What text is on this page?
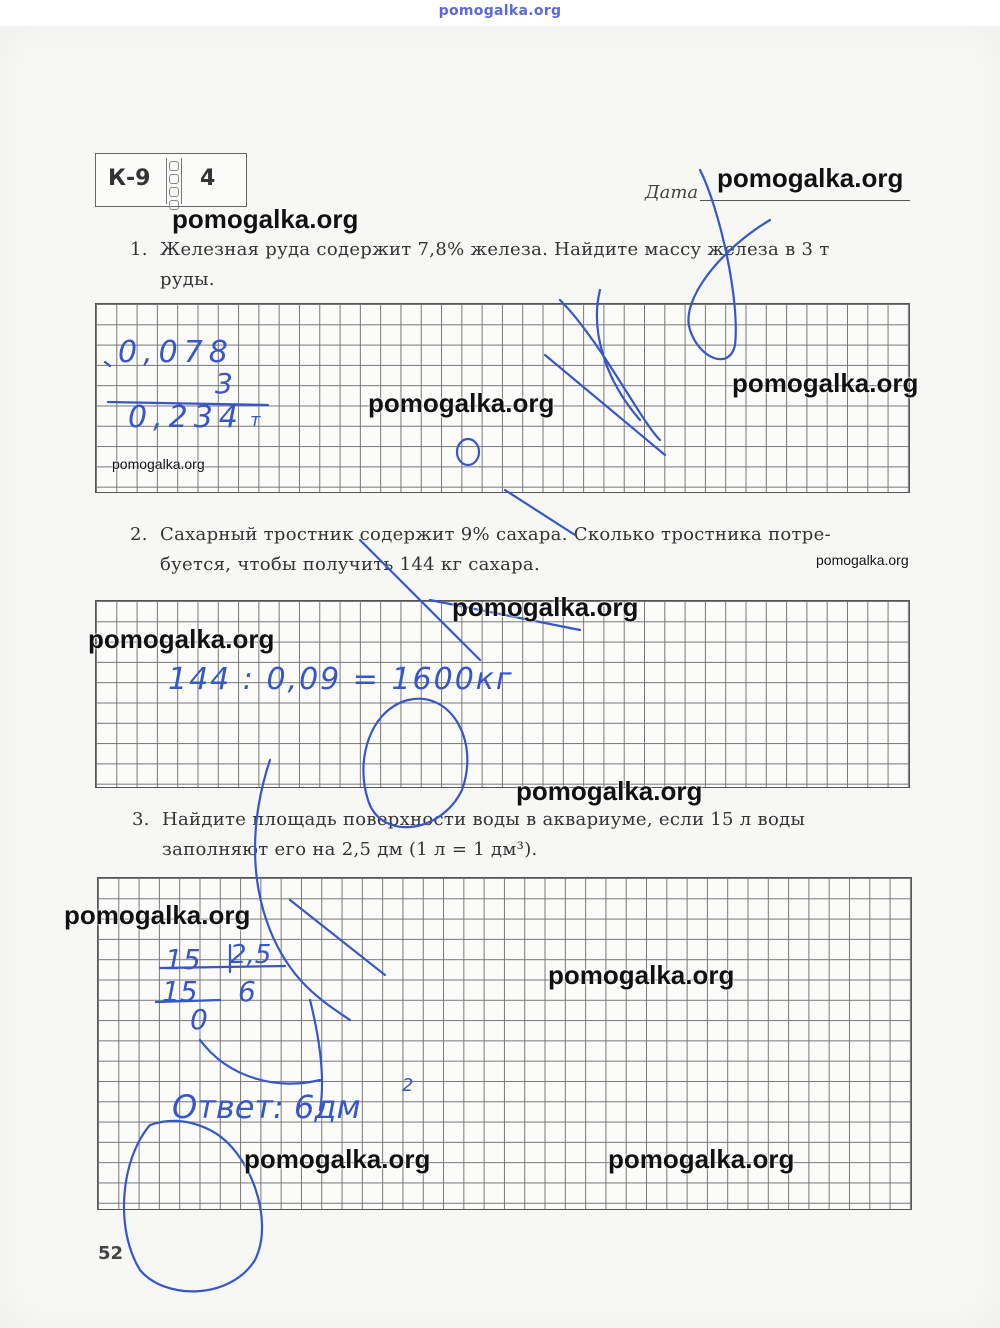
pomogalka.org
К-9 4
Дата
1. Железная руда содержит 7,8% железа. Найдите массу железа в 3 т
руды.
2. Сахарный тростник содержит 9% сахара. Сколько тростника потре-
буется, чтобы получить 144 кг сахара.
3. Найдите площадь поверхности воды в аквариуме, если 15 л воды
заполняют его на 2,5 дм (1 л = 1 дм³).
52
0,078
3
0,234 т
144 : 0,09 = 1600кг
15 2,5
15 6
0
Ответ: 6дм
2
pomogalka.org
pomogalka.org
pomogalka.org
pomogalka.org
pomogalka.org
pomogalka.org
pomogalka.org
pomogalka.org
pomogalka.org
pomogalka.org
pomogalka.org
pomogalka.org	pomogalka.org
